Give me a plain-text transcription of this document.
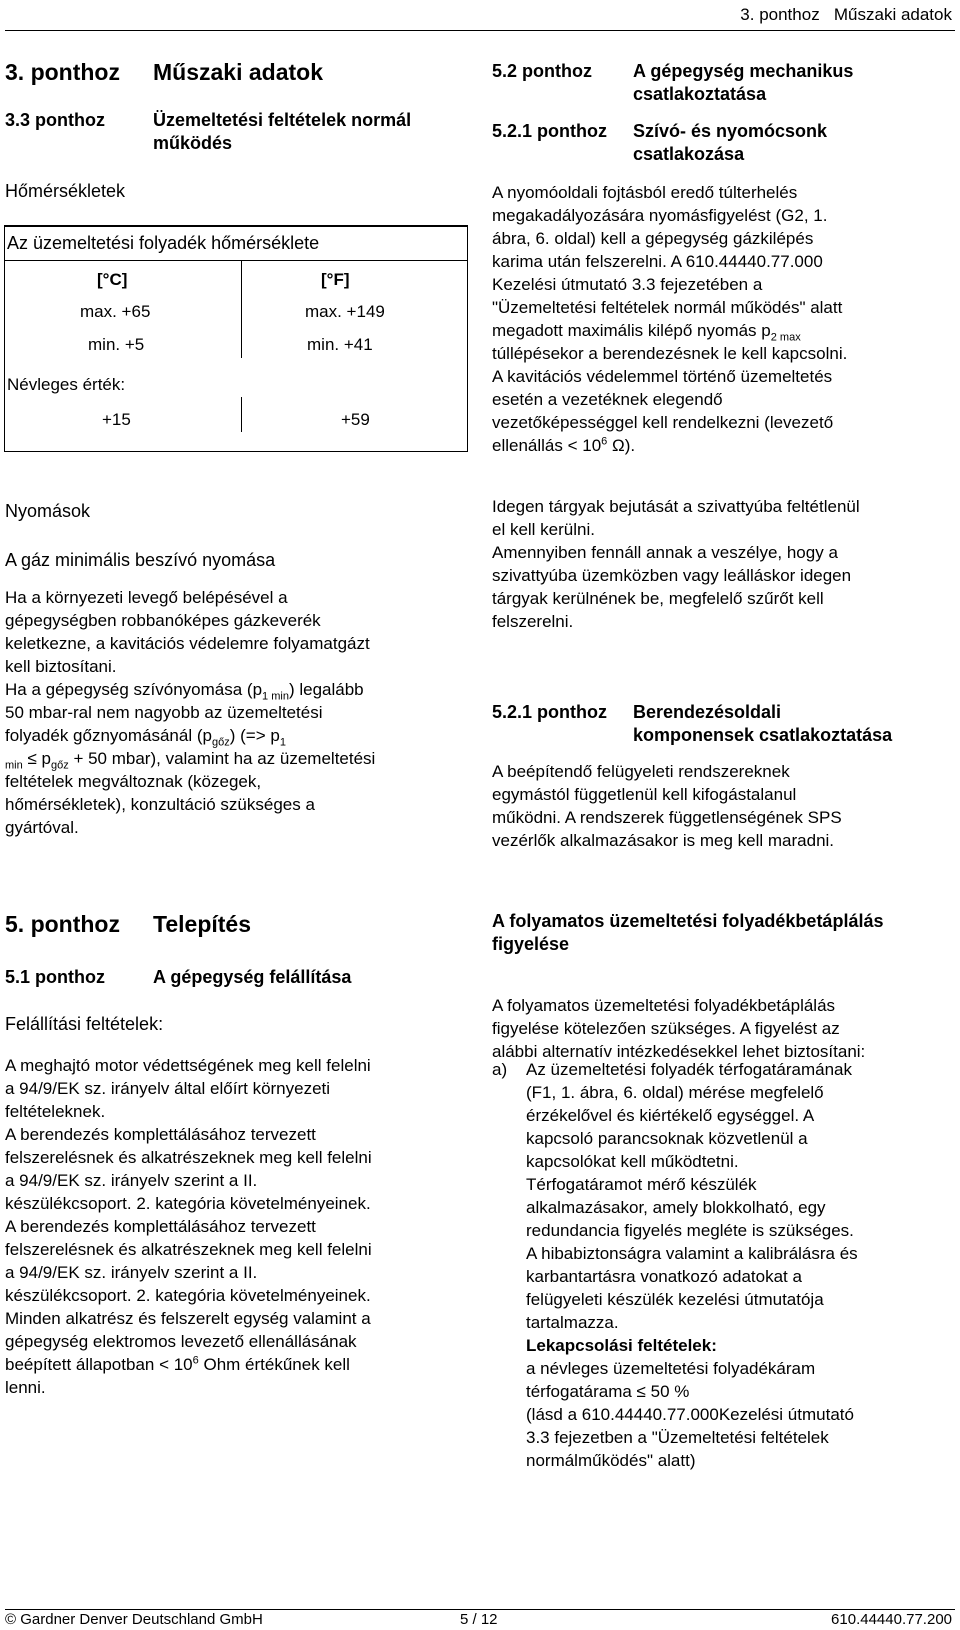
3. ponthoz Műszaki adatok
3. ponthoz Műszaki adatok
3.3 ponthoz	Üzemeltetési feltételek normál
működés
Hőmérsékletek
Az üzemeltetési folyadék hőmérséklete
[°C]	[°F]
max. +65	max. +149
min. +5	min. +41
Névleges érték:
+15	+59
Nyomások
A gáz minimális beszívó nyomása
Ha a környezeti levegő belépésével a
gépegységben robbanóképes gázkeverék
keletkezne, a kavitációs védelemre folyamatgázt
kell biztosítani.
Ha a gépegység szívónyomása $(p_{1 min})$ legalább
50 mbar-ral nem nagyobb az üzemeltetési
folyadék gőznyomásánál $(p_{gőz})$ (=> $p_1$
$_{min} \le p_{gőz} + 50$ mbar), valamint ha az üzemeltetési
feltételek megváltoznak (közegek,
hőmérsékletek), konzultáció szükséges a
gyártóval.
5.2 ponthoz A gépegység mechanikus
csatlakoztatása
5.2.1 ponthoz Szívó- és nyomócsonk
csatlakozása
A nyomóoldali fojtásból eredő túlterhelés
megakadályozására nyomásfigyelést (G2, 1.
ábra, 6. oldal) kell a gépegység gázkilépés
karima után felszerelni. A 610.44440.77.000
Kezelési útmutató 3.3 fejezetében a
"Üzemeltetési feltételek normál működés" alatt
megadott maximális kilépő nyomás $p_{2 max}$
túllépésekor a berendezésnek le kell kapcsolni.
A kavitációs védelemmel történő üzemeltetés
esetén a vezetéknek elegendő
vezetőképességgel kell rendelkezni (levezető
ellenállás < $10^6$ Ω).
Idegen tárgyak bejutását a szivattyúba feltétlenül
el kell kerülni.
Amennyiben fennáll annak a veszélye, hogy a
szivattyúba üzemközben vagy leálláskor idegen
tárgyak kerülnének be, megfelelő szűrőt kell
felszerelni.
5.2.1 ponthoz Berendezésoldali
komponensek csatlakoztatása
A beépítendő felügyeleti rendszereknek
egymástól függetlenül kell kifogástalanul
működni. A rendszerek függetlenségének SPS
vezérlők alkalmazásakor is meg kell maradni.
5. ponthoz Telepítés
5.1 ponthoz	A gépegység felállítása
Felállítási feltételek:
A meghajtó motor védettségének meg kell felelni
a 94/9/EK sz. irányelv által előírt környezeti
feltételeknek.
A berendezés komplettálásához tervezett
felszerelésnek és alkatrészeknek meg kell felelni
a 94/9/EK sz. irányelv szerint a II.
készülékcsoport. 2. kategória követelményeinek.
A berendezés komplettálásához tervezett
felszerelésnek és alkatrészeknek meg kell felelni
a 94/9/EK sz. irányelv szerint a II.
készülékcsoport. 2. kategória követelményeinek.
Minden alkatrész és felszerelt egység valamint a
gépegység elektromos levezető ellenállásának
beépített állapotban < $10^6$ Ohm értékűnek kell
lenni.
A folyamatos üzemeltetési folyadékbetáplálás
figyelése
A folyamatos üzemeltetési folyadékbetáplálás
figyelése kötelezően szükséges. A figyelést az
alábbi alternatív intézkedésekkel lehet biztosítani:
a) Az üzemeltetési folyadék térfogatáramának
(F1, 1. ábra, 6. oldal) mérése megfelelő
érzékelővel és kiértékelő egységgel. A
kapcsoló parancsoknak közvetlenül a
kapcsolókat kell működtetni.
Térfogatáramot mérő készülék
alkalmazásakor, amely blokkolható, egy
redundancia figyelés megléte is szükséges.
A hibabiztonságra valamint a kalibrálásra és
karbantartásra vonatkozó adatokat a
felügyeleti készülék kezelési útmutatója
tartalmazza.
Lekapcsolási feltételek:
a névleges üzemeltetési folyadékáram
térfogatárama ≤ 50 %
(lásd a 610.44440.77.000Kezelési útmutató
3.3 fejezetben a "Üzemeltetési feltételek
normálműködés" alatt)
© Gardner Denver Deutschland GmbH	5 / 12	610.44440.77.200
